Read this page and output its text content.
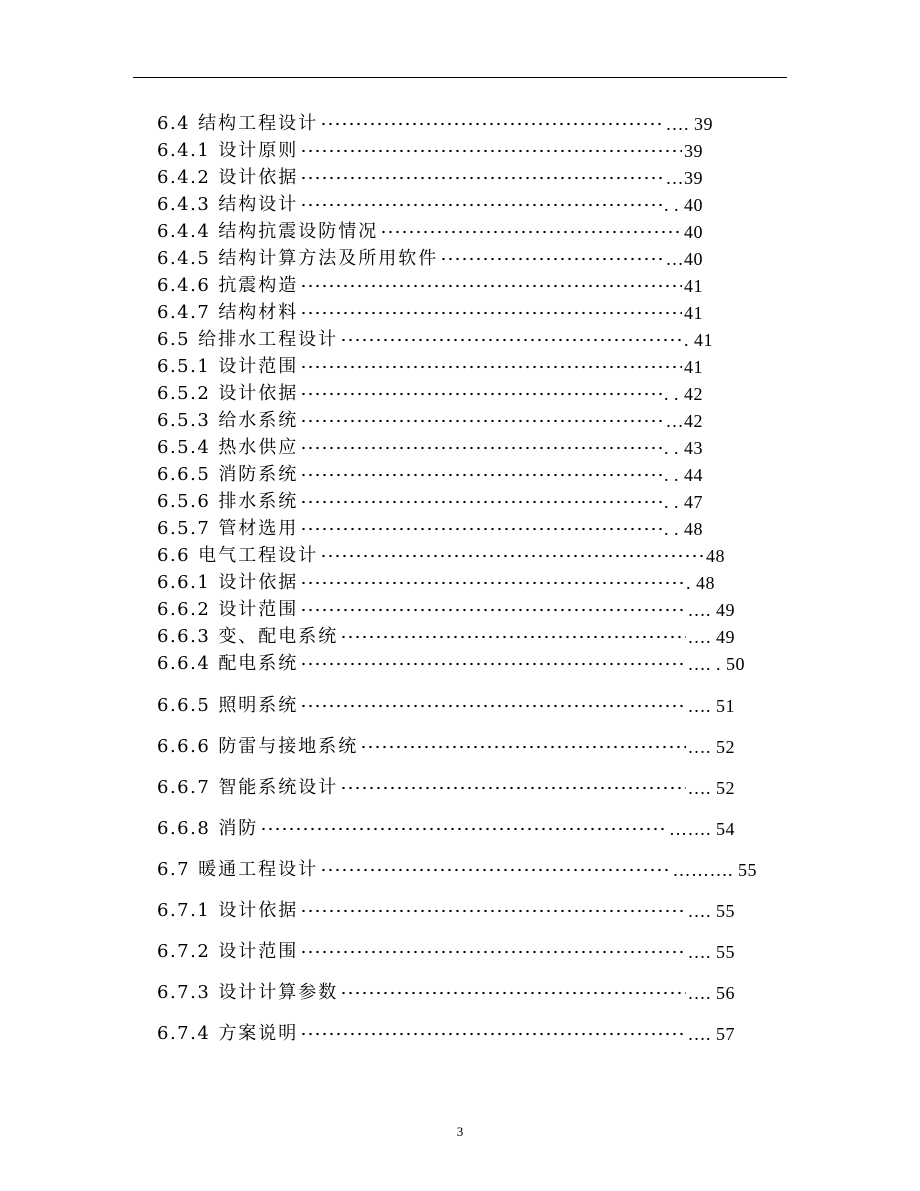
6.4 结构工程设计	…. 39
6.4.1 设计原则	39
6.4.2 设计依据	…39
6.4.3 结构设计	. . 40
6.4.4 结构抗震设防情况	40
6.4.5 结构计算方法及所用软件	…40
6.4.6 抗震构造	41
6.4.7 结构材料	41
6.5 给排水工程设计	. 41
6.5.1 设计范围	41
6.5.2 设计依据	. . 42
6.5.3 给水系统	…42
6.5.4 热水供应	. . 43
6.6.5 消防系统	. . 44
6.5.6 排水系统	. . 47
6.5.7 管材选用	. . 48
6.6 电气工程设计	48
6.6.1 设计依据	. 48
6.6.2 设计范围	…. 49
6.6.3 变、配电系统	…. 49
6.6.4 配电系统	…. . 50
6.6.5 照明系统	…. 51
6.6.6 防雷与接地系统	…. 52
6.6.7 智能系统设计	…. 52
6.6.8 消防	……. 54
6.7 暖通工程设计	………. 55
6.7.1 设计依据	…. 55
6.7.2 设计范围	…. 55
6.7.3 设计计算参数	…. 56
6.7.4 方案说明	…. 57
3
